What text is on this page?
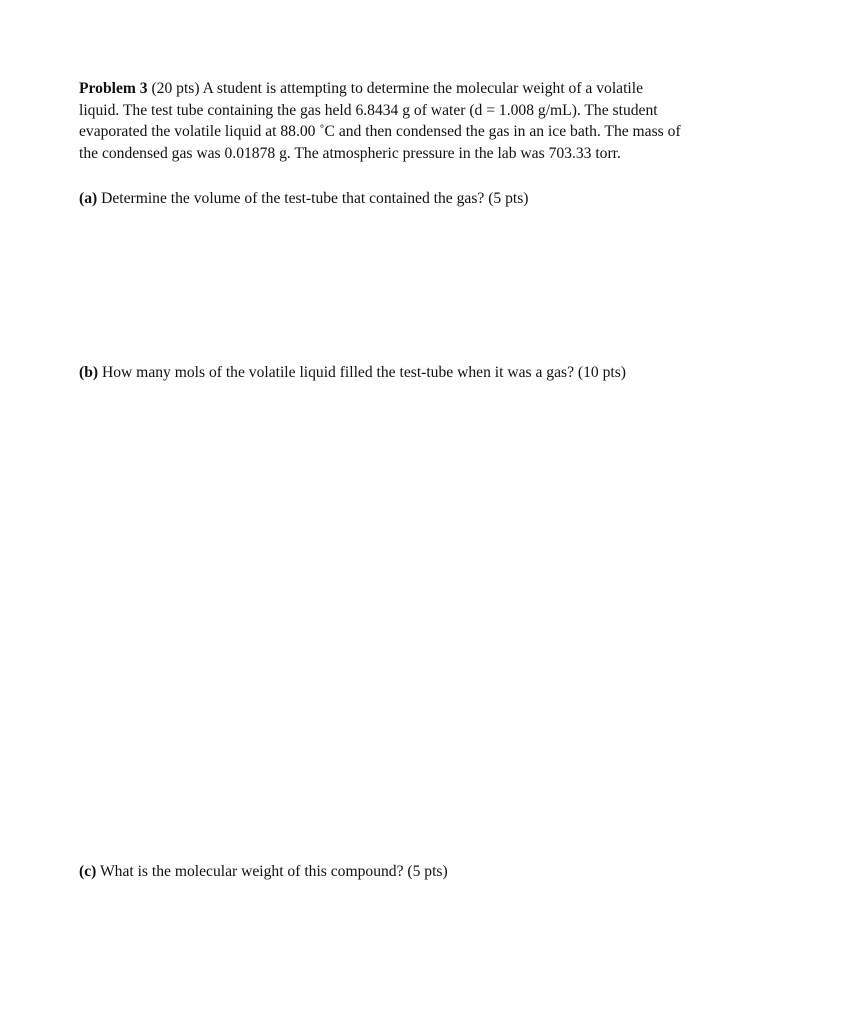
Problem 3 (20 pts) A student is attempting to determine the molecular weight of a volatile
liquid. The test tube containing the gas held 6.8434 g of water (d = 1.008 g/mL). The student
evaporated the volatile liquid at 88.00 ˚C and then condensed the gas in an ice bath. The mass of
the condensed gas was 0.01878 g. The atmospheric pressure in the lab was 703.33 torr.

(a) Determine the volume of the test-tube that contained the gas? (5 pts)

(b) How many mols of the volatile liquid filled the test-tube when it was a gas? (10 pts)

(c) What is the molecular weight of this compound? (5 pts)
